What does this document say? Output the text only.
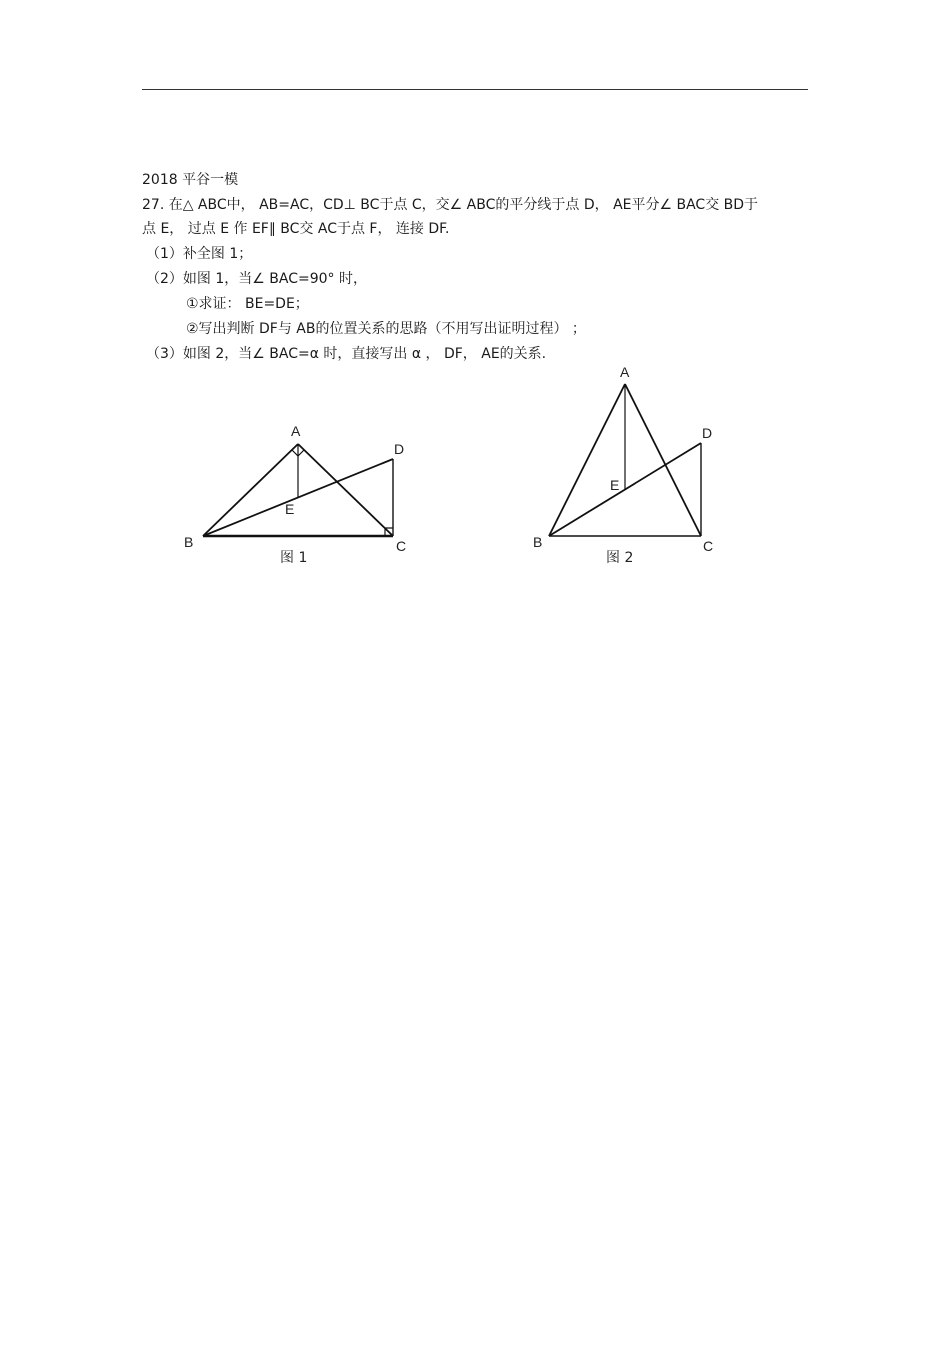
2018 平谷一模
27. 在△ ABC中， AB=AC，CD⊥ BC于点 C，交∠ ABC的平分线于点 D， AE平分∠ BAC交 BD于
点 E， 过点 E 作 EF∥ BC交 AC于点 F， 连接 DF.
（1）补全图 1；
（2）如图 1，当∠ BAC=90° 时，
①求证： BE=DE；
②写出判断 DF与 AB的位置关系的思路（不用写出证明过程） ；
（3）如图 2，当∠ BAC=α 时，直接写出 α ， DF， AE的关系.
A
B	C
D
E
图 1
A
B	C
D
E
图 2
